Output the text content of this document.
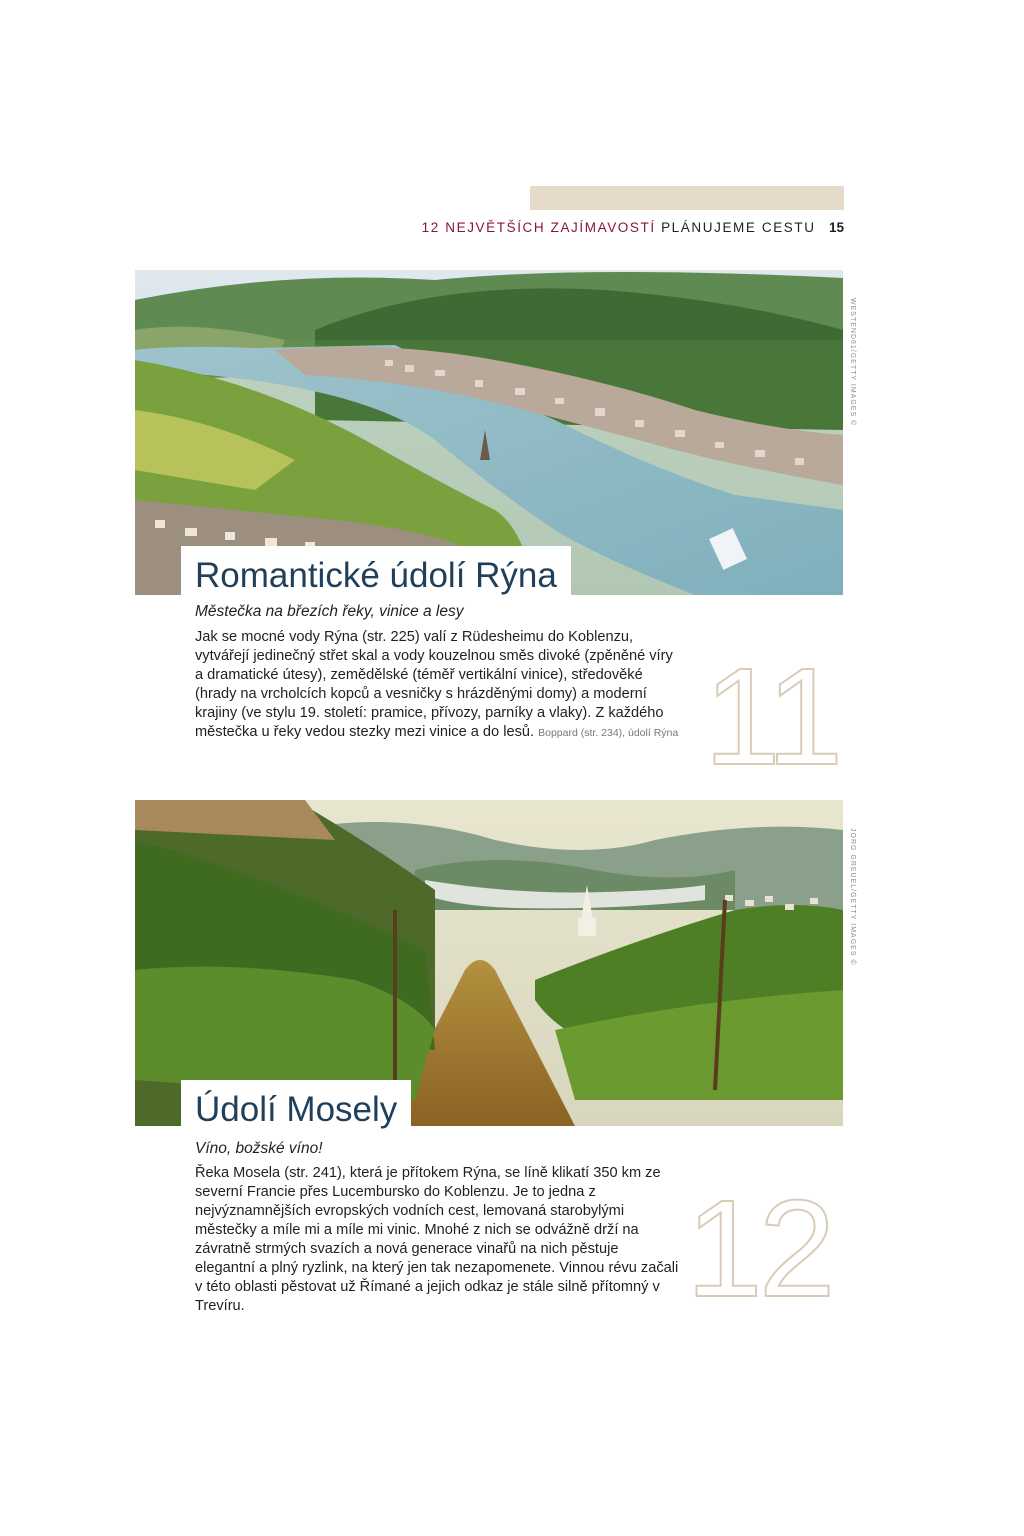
12 NEJVĚTŠÍCH ZAJÍMAVOSTÍ PLÁNUJEME CESTU 15
WESTEND61/GETTY IMAGES ©
Romantické údolí Rýna
Městečka na březích řeky, vinice a lesy
Jak se mocné vody Rýna (str. 225) valí z Rüdesheimu do Koblenzu, vytvářejí jedinečný střet skal a vody kouzelnou směs divoké (zpěněné víry a dramatické útesy), zemědělské (téměř vertikální vinice), středověké (hrady na vrcholcích kopců a vesničky s hrázděnými domy) a moderní krajiny (ve stylu 19. století: pramice, přívozy, parníky a vlaky). Z každého městečka u řeky vedou stezky mezi vinice a do lesů. Boppard (str. 234), údolí Rýna 11
JORG GREUEL/GETTY IMAGES ©
Údolí Mosely
Víno, božské víno!
Řeka Mosela (str. 241), která je přítokem Rýna, se líně klikatí 350 km ze severní Francie přes Lucembursko do Koblenzu. Je to jedna z nejvýznamnějších evropských vodních cest, lemovaná starobylými městečky a míle mi a míle mi vinic. Mnohé z nich se odvážně drží na závratně strmých svazích a nová generace vinařů na nich pěstuje elegantní a plný ryzlink, na který jen tak nezapomenete. Vinnou révu začali v této oblasti pěstovat už Římané a jejich odkaz je stále silně přítomný v Trevíru.	12
